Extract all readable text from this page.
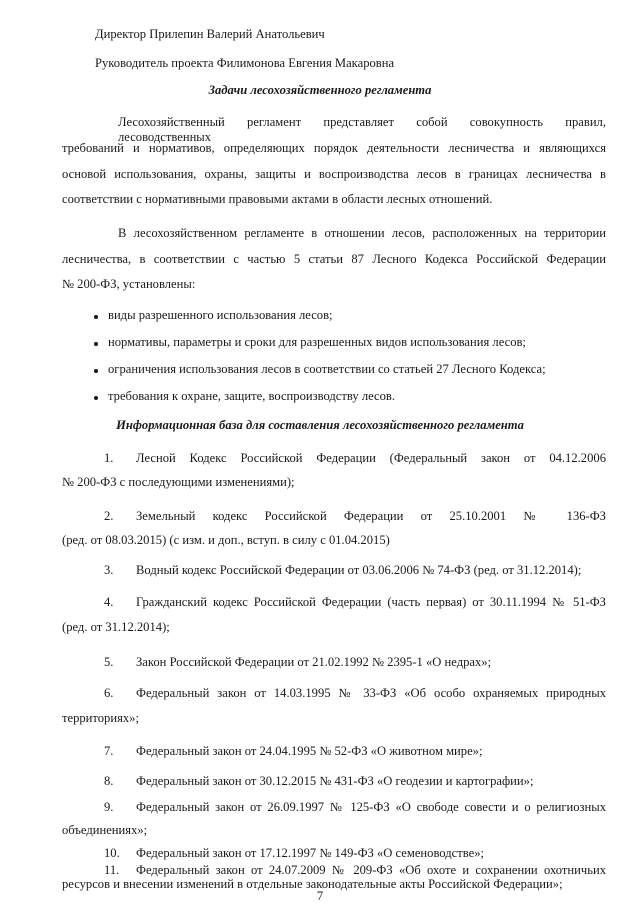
Директор Прилепин Валерий Анатольевич
Руководитель проекта Филимонова Евгения Макаровна
Задачи лесохозяйственного регламента
Лесохозяйственный регламент представляет собой совокупность правил, лесоводственных
требований и нормативов, определяющих порядок деятельности лесничества и являющихся
основой использования, охраны, защиты и воспроизводства лесов в границах лесничества в
соответствии с нормативными правовыми актами в области лесных отношений.
В лесохозяйственном регламенте в отношении лесов, расположенных на территории
лесничества, в соответствии с частью 5 статьи 87 Лесного Кодекса Российской Федерации
№ 200-ФЗ, установлены:
виды разрешенного использования лесов;
нормативы, параметры и сроки для разрешенных видов использования лесов;
ограничения использования лесов в соответствии со статьей 27 Лесного Кодекса;
требования к охране, защите, воспроизводству лесов.
Информационная база для составления лесохозяйственного регламента
1. Лесной Кодекс Российской Федерации (Федеральный закон от 04.12.2006
№ 200-ФЗ с последующими изменениями);
2. Земельный кодекс Российской Федерации от 25.10.2001 № 136-ФЗ
(ред. от 08.03.2015) (с изм. и доп., вступ. в силу с 01.04.2015)
3. Водный кодекс Российской Федерации от 03.06.2006 № 74-ФЗ (ред. от 31.12.2014);
4. Гражданский кодекс Российской Федерации (часть первая) от 30.11.1994 № 51-ФЗ
(ред. от 31.12.2014);
5. Закон Российской Федерации от 21.02.1992 № 2395-1 «О недрах»;
6. Федеральный закон от 14.03.1995 № 33-ФЗ «Об особо охраняемых природных
территориях»;
7. Федеральный закон от 24.04.1995 № 52-ФЗ «О животном мире»;
8. Федеральный закон от 30.12.2015 № 431-ФЗ «О геодезии и картографии»;
9. Федеральный закон от 26.09.1997 № 125-ФЗ «О свободе совести и о религиозных
объединениях»;
10. Федеральный закон от 17.12.1997 № 149-ФЗ «О семеноводстве»;
11. Федеральный закон от 24.07.2009 № 209-ФЗ «Об охоте и сохранении охотничьих
ресурсов и внесении изменений в отдельные законодательные акты Российской Федерации»;
7
